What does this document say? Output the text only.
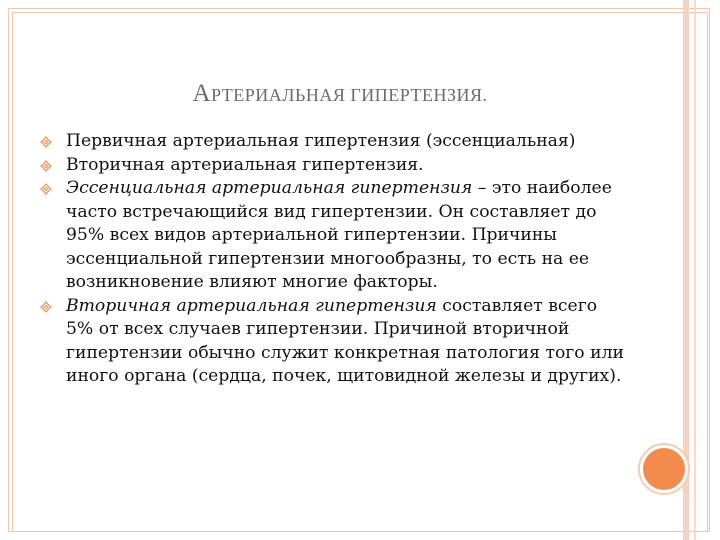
АРТЕРИАЛЬНАЯ ГИПЕРТЕНЗИЯ.
Первичная артериальная гипертензия (эссенциальная)
Вторичная артериальная гипертензия.
Эссенциальная артериальная гипертензия – это наиболее часто встречающийся вид гипертензии. Он составляет до 95% всех видов артериальной гипертензии. Причины эссенциальной гипертензии многообразны, то есть на ее возникновение влияют многие факторы.
Вторичная артериальная гипертензия составляет всего 5% от всех случаев гипертензии. Причиной вторичной гипертензии обычно служит конкретная патология того или иного органа (сердца, почек, щитовидной железы и других).
